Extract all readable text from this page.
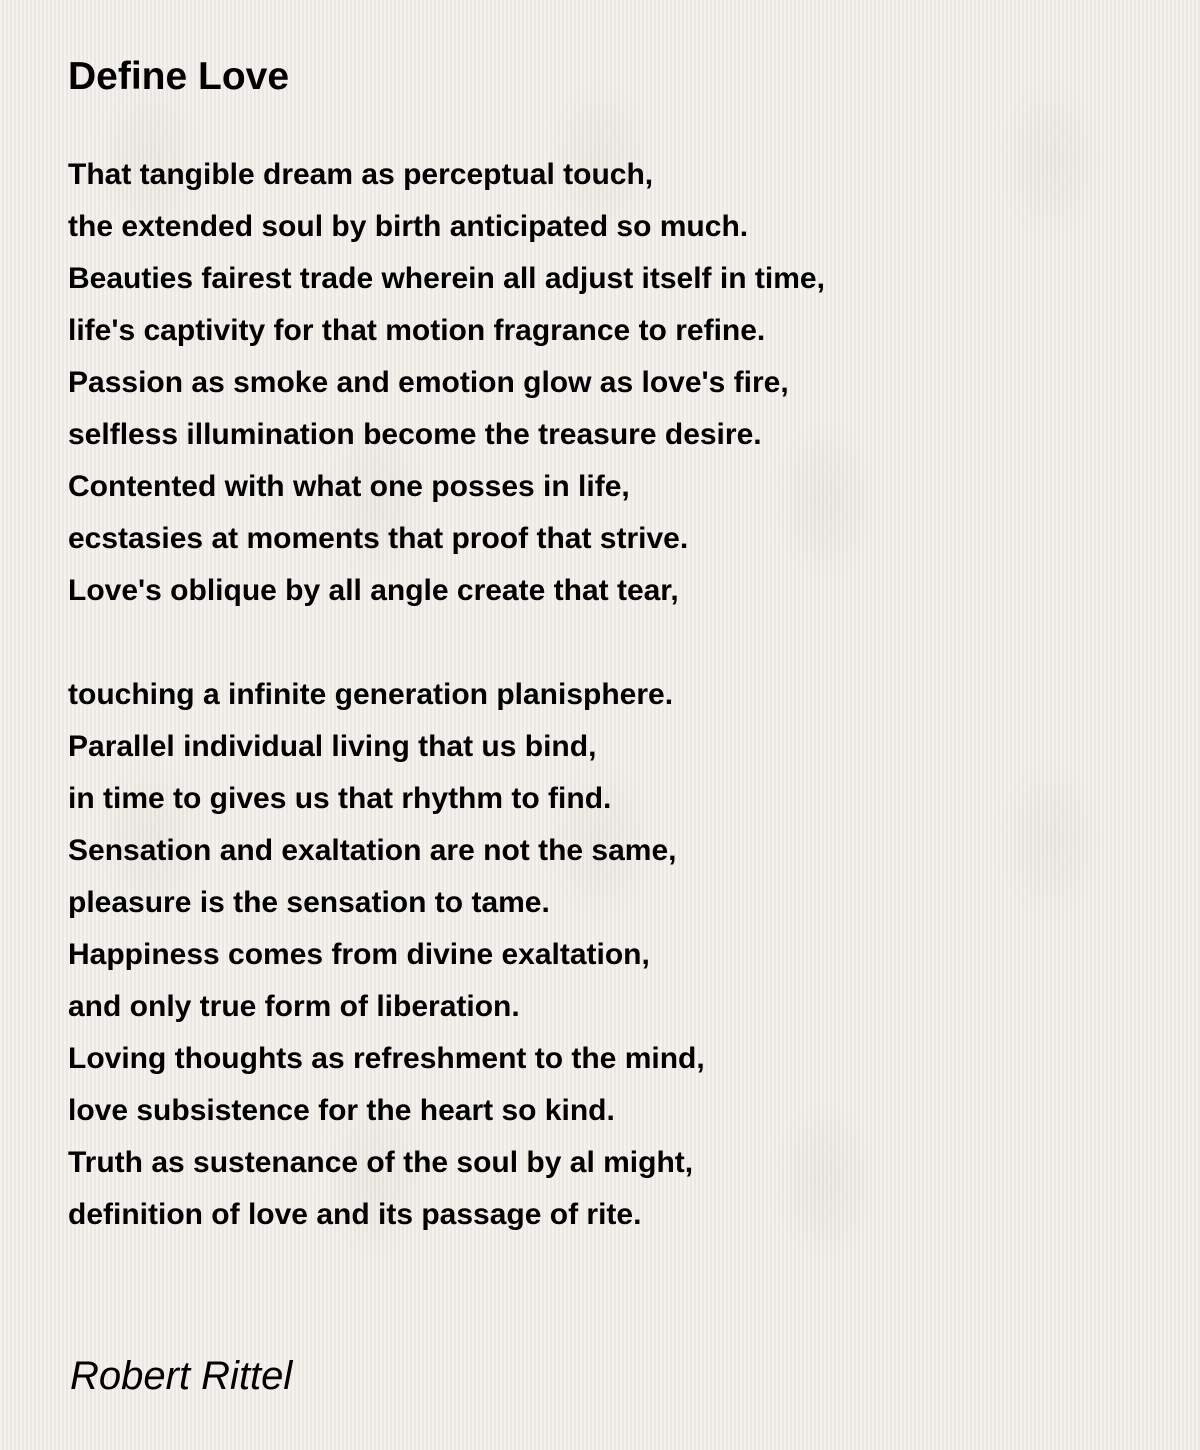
Define Love
That tangible dream as perceptual touch,
the extended soul by birth anticipated so much.
Beauties fairest trade wherein all adjust itself in time,
life's captivity for that motion fragrance to refine.
Passion as smoke and emotion glow as love's fire,
selfless illumination become the treasure desire.
Contented with what one posses in life,
ecstasies at moments that proof that strive.
Love's oblique by all angle create that tear,
touching a infinite generation planisphere.
Parallel individual living that us bind,
in time to gives us that rhythm to find.
Sensation and exaltation are not the same,
pleasure is the sensation to tame.
Happiness comes from divine exaltation,
and only true form of liberation.
Loving thoughts as refreshment to the mind,
love subsistence for the heart so kind.
Truth as sustenance of the soul by al might,
definition of love and its passage of rite.

Robert Rittel
